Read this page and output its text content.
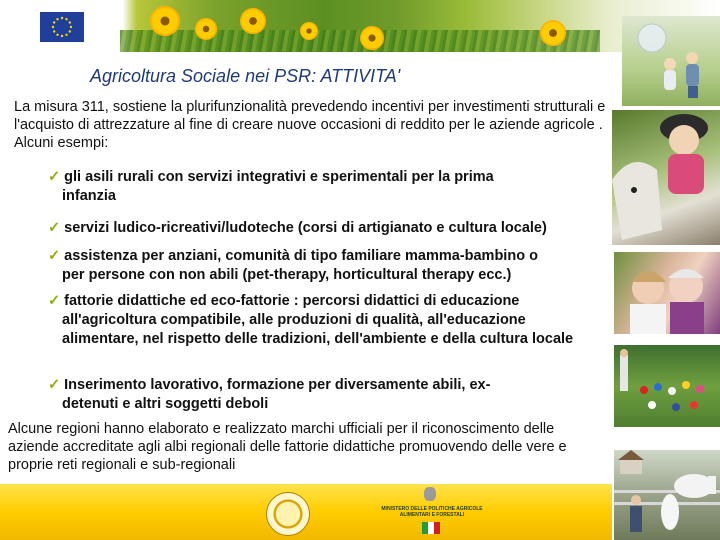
Agricoltura Sociale nei PSR: ATTIVITA'
La misura 311, sostiene la plurifunzionalità prevedendo incentivi per investimenti strutturali e l'acquisto di attrezzature al fine di creare nuove occasioni di reddito per le aziende agricole . Alcuni esempi:
✓ gli asili rurali con servizi integrativi e sperimentali per la prima
infanzia
✓ servizi ludico-ricreativi/ludoteche (corsi di artigianato e cultura locale)
✓ assistenza per anziani, comunità di tipo familiare mamma-bambino o
per persone con non abili (pet-therapy, horticultural therapy ecc.)
✓ fattorie didattiche ed eco-fattorie : percorsi didattici di educazione
all'agricoltura compatibile, alle produzioni di qualità, all'educazione alimentare, nel rispetto delle tradizioni, dell'ambiente e della cultura locale
✓ Inserimento lavorativo, formazione per diversamente abili, ex-
detenuti e altri soggetti deboli
Alcune regioni hanno elaborato e realizzato marchi ufficiali per il riconoscimento delle aziende accreditate agli albi regionali delle fattorie didattiche promuovendo delle vere e proprie reti regionali e sub-regionali
MINISTERO DELLE POLITICHE AGRICOLE ALIMENTARI E FORESTALI
